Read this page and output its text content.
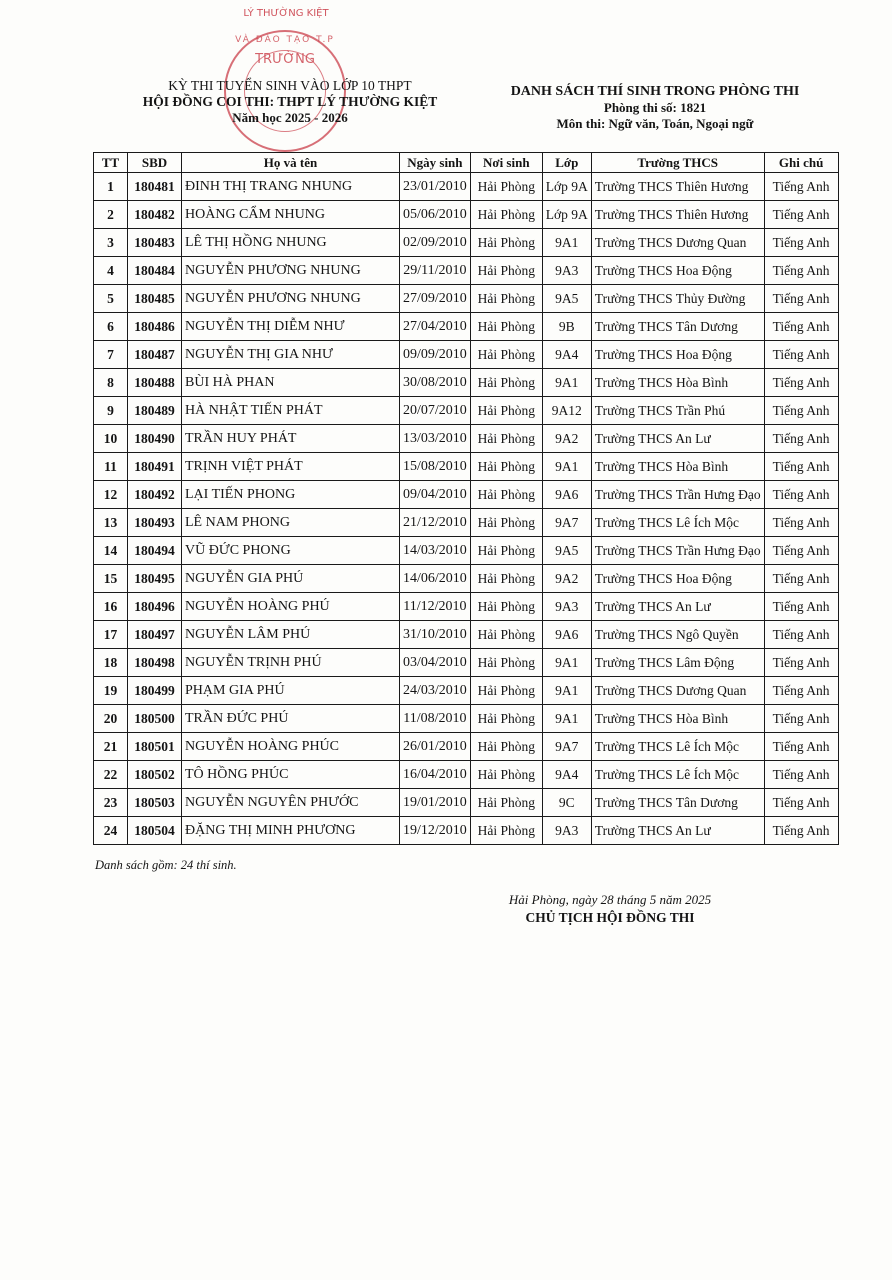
LÝ THƯỜNG KIỆT
VÀ ĐÀO TẠO T.P
TRƯỜNG
KỲ THI TUYỂN SINH VÀO LỚP 10 THPT
HỘI ĐỒNG COI THI: THPT LÝ THƯỜNG KIỆT
Năm học 2025 - 2026
DANH SÁCH THÍ SINH TRONG PHÒNG THI
Phòng thi số: 1821
Môn thi: Ngữ văn, Toán, Ngoại ngữ
TT	SBD	Họ và tên	Ngày sinh	Nơi sinh	Lớp	Trường THCS	Ghi chú
1	180481	ĐINH THỊ TRANG NHUNG	23/01/2010	Hải Phòng	Lớp 9A	Trường THCS Thiên Hương	Tiếng Anh
2	180482	HOÀNG CẨM NHUNG	05/06/2010	Hải Phòng	Lớp 9A	Trường THCS Thiên Hương	Tiếng Anh
3	180483	LÊ THỊ HỒNG NHUNG	02/09/2010	Hải Phòng	9A1	Trường THCS Dương Quan	Tiếng Anh
4	180484	NGUYỄN PHƯƠNG NHUNG	29/11/2010	Hải Phòng	9A3	Trường THCS Hoa Động	Tiếng Anh
5	180485	NGUYỄN PHƯƠNG NHUNG	27/09/2010	Hải Phòng	9A5	Trường THCS Thủy Đường	Tiếng Anh
6	180486	NGUYỄN THỊ DIỄM NHƯ	27/04/2010	Hải Phòng	9B	Trường THCS Tân Dương	Tiếng Anh
7	180487	NGUYỄN THỊ GIA NHƯ	09/09/2010	Hải Phòng	9A4	Trường THCS Hoa Động	Tiếng Anh
8	180488	BÙI HÀ PHAN	30/08/2010	Hải Phòng	9A1	Trường THCS Hòa Bình	Tiếng Anh
9	180489	HÀ NHẬT TIẾN PHÁT	20/07/2010	Hải Phòng	9A12	Trường THCS Trần Phú	Tiếng Anh
10	180490	TRẦN HUY PHÁT	13/03/2010	Hải Phòng	9A2	Trường THCS An Lư	Tiếng Anh
11	180491	TRỊNH VIỆT PHÁT	15/08/2010	Hải Phòng	9A1	Trường THCS Hòa Bình	Tiếng Anh
12	180492	LẠI TIẾN PHONG	09/04/2010	Hải Phòng	9A6	Trường THCS Trần Hưng Đạo	Tiếng Anh
13	180493	LÊ NAM PHONG	21/12/2010	Hải Phòng	9A7	Trường THCS Lê Ích Mộc	Tiếng Anh
14	180494	VŨ ĐỨC PHONG	14/03/2010	Hải Phòng	9A5	Trường THCS Trần Hưng Đạo	Tiếng Anh
15	180495	NGUYỄN GIA PHÚ	14/06/2010	Hải Phòng	9A2	Trường THCS Hoa Động	Tiếng Anh
16	180496	NGUYỄN HOÀNG PHÚ	11/12/2010	Hải Phòng	9A3	Trường THCS An Lư	Tiếng Anh
17	180497	NGUYỄN LÂM PHÚ	31/10/2010	Hải Phòng	9A6	Trường THCS Ngô Quyền	Tiếng Anh
18	180498	NGUYỄN TRỊNH PHÚ	03/04/2010	Hải Phòng	9A1	Trường THCS Lâm Động	Tiếng Anh
19	180499	PHẠM GIA PHÚ	24/03/2010	Hải Phòng	9A1	Trường THCS Dương Quan	Tiếng Anh
20	180500	TRẦN ĐỨC PHÚ	11/08/2010	Hải Phòng	9A1	Trường THCS Hòa Bình	Tiếng Anh
21	180501	NGUYỄN HOÀNG PHÚC	26/01/2010	Hải Phòng	9A7	Trường THCS Lê Ích Mộc	Tiếng Anh
22	180502	TÔ HỒNG PHÚC	16/04/2010	Hải Phòng	9A4	Trường THCS Lê Ích Mộc	Tiếng Anh
23	180503	NGUYỄN NGUYÊN PHƯỚC	19/01/2010	Hải Phòng	9C	Trường THCS Tân Dương	Tiếng Anh
24	180504	ĐẶNG THỊ MINH PHƯƠNG	19/12/2010	Hải Phòng	9A3	Trường THCS An Lư	Tiếng Anh
Danh sách gồm: 24 thí sinh.
Hải Phòng, ngày 28 tháng 5 năm 2025
CHỦ TỊCH HỘI ĐỒNG THI
